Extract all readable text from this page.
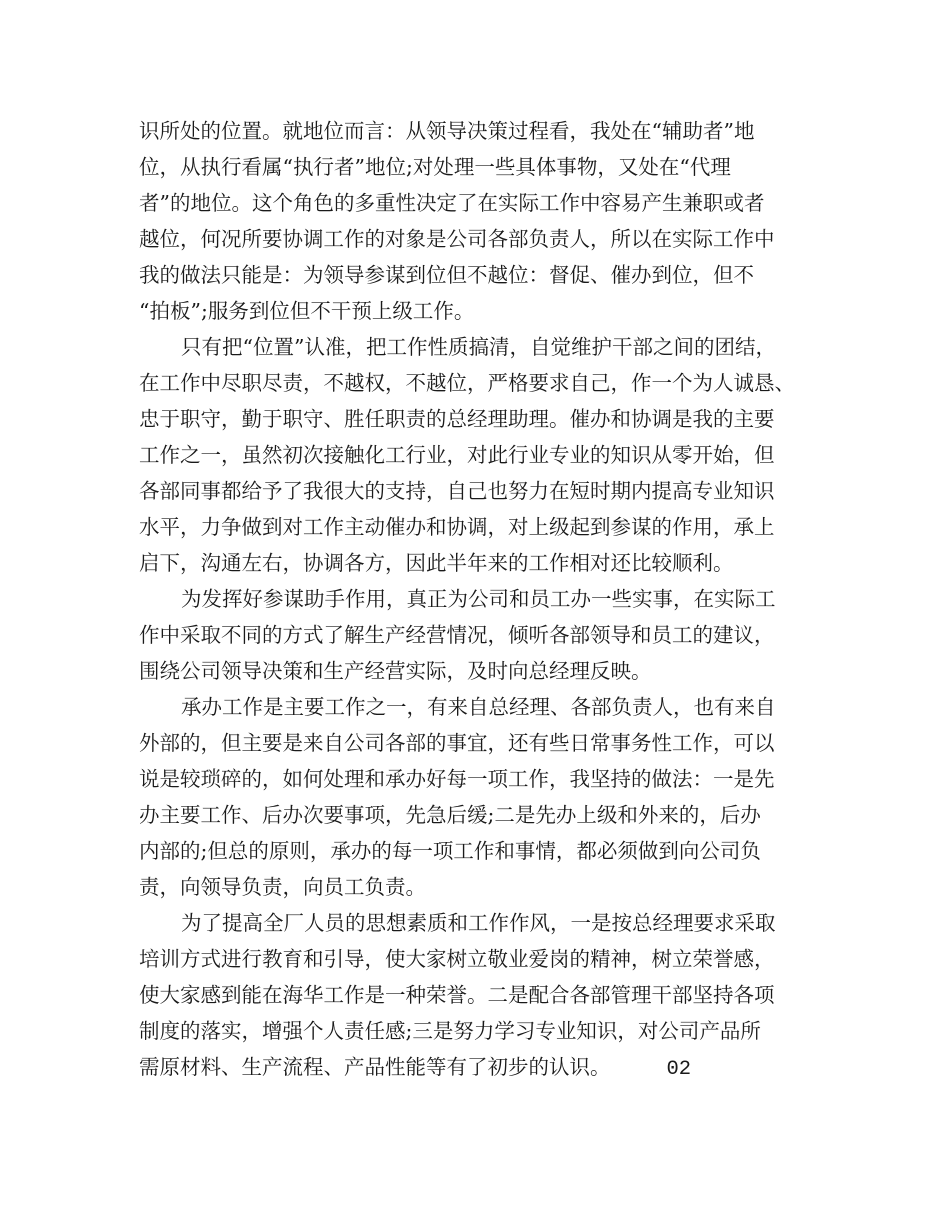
识所处的位置。就地位而言：从领导决策过程看，我处在“辅助者”地
位，从执行看属“执行者”地位;对处理一些具体事物，又处在“代理
者”的地位。这个角色的多重性决定了在实际工作中容易产生兼职或者
越位，何况所要协调工作的对象是公司各部负责人，所以在实际工作中
我的做法只能是：为领导参谋到位但不越位：督促、催办到位，但不
“拍板”;服务到位但不干预上级工作。
只有把“位置”认准，把工作性质搞清，自觉维护干部之间的团结，
在工作中尽职尽责，不越权，不越位，严格要求自己，作一个为人诚恳、
忠于职守，勤于职守、胜任职责的总经理助理。催办和协调是我的主要
工作之一，虽然初次接触化工行业，对此行业专业的知识从零开始，但
各部同事都给予了我很大的支持，自己也努力在短时期内提高专业知识
水平，力争做到对工作主动催办和协调，对上级起到参谋的作用，承上
启下，沟通左右，协调各方，因此半年来的工作相对还比较顺利。
为发挥好参谋助手作用，真正为公司和员工办一些实事，在实际工
作中采取不同的方式了解生产经营情况，倾听各部领导和员工的建议，
围绕公司领导决策和生产经营实际，及时向总经理反映。
承办工作是主要工作之一，有来自总经理、各部负责人，也有来自
外部的，但主要是来自公司各部的事宜，还有些日常事务性工作，可以
说是较琐碎的，如何处理和承办好每一项工作，我坚持的做法：一是先
办主要工作、后办次要事项，先急后缓;二是先办上级和外来的，后办
内部的;但总的原则，承办的每一项工作和事情，都必须做到向公司负
责，向领导负责，向员工负责。
为了提高全厂人员的思想素质和工作作风，一是按总经理要求采取
培训方式进行教育和引导，使大家树立敬业爱岗的精神，树立荣誉感，
使大家感到能在海华工作是一种荣誉。二是配合各部管理干部坚持各项
制度的落实，增强个人责任感;三是努力学习专业知识，对公司产品所
需原材料、生产流程、产品性能等有了初步的认识。	02
